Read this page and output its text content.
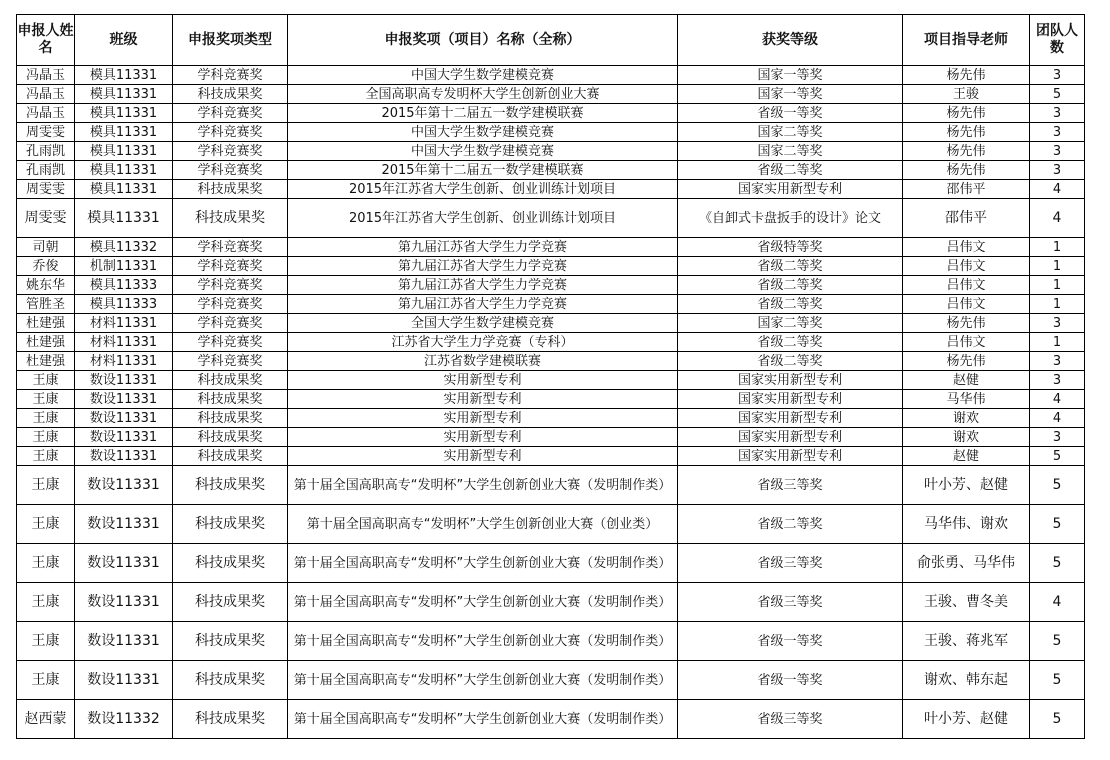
申报人姓名	班级	申报奖项类型	申报奖项（项目）名称（全称）	获奖等级	项目指导老师	团队人数
冯晶玉	模具11331	学科竞赛奖	中国大学生数学建模竞赛	国家一等奖	杨先伟	3
冯晶玉	模具11331	科技成果奖	全国高职高专发明杯大学生创新创业大赛	国家一等奖	王骏	5
冯晶玉	模具11331	学科竞赛奖	2015年第十二届五一数学建模联赛	省级一等奖	杨先伟	3
周雯雯	模具11331	学科竞赛奖	中国大学生数学建模竞赛	国家二等奖	杨先伟	3
孔雨凯	模具11331	学科竞赛奖	中国大学生数学建模竞赛	国家二等奖	杨先伟	3
孔雨凯	模具11331	学科竞赛奖	2015年第十二届五一数学建模联赛	省级二等奖	杨先伟	3
周雯雯	模具11331	科技成果奖	2015年江苏省大学生创新、创业训练计划项目	国家实用新型专利	邵伟平	4
周雯雯	模具11331	科技成果奖	2015年江苏省大学生创新、创业训练计划项目	《自卸式卡盘扳手的设计》论文	邵伟平	4
司朝	模具11332	学科竞赛奖	第九届江苏省大学生力学竞赛	省级特等奖	吕伟文	1
乔俊	机制11331	学科竞赛奖	第九届江苏省大学生力学竞赛	省级二等奖	吕伟文	1
姚东华	模具11333	学科竞赛奖	第九届江苏省大学生力学竞赛	省级二等奖	吕伟文	1
管胜圣	模具11333	学科竞赛奖	第九届江苏省大学生力学竞赛	省级二等奖	吕伟文	1
杜建强	材料11331	学科竞赛奖	全国大学生数学建模竞赛	国家二等奖	杨先伟	3
杜建强	材料11331	学科竞赛奖	江苏省大学生力学竞赛（专科）	省级二等奖	吕伟文	1
杜建强	材料11331	学科竞赛奖	江苏省数学建模联赛	省级二等奖	杨先伟	3
王康	数设11331	科技成果奖	实用新型专利	国家实用新型专利	赵健	3
王康	数设11331	科技成果奖	实用新型专利	国家实用新型专利	马华伟	4
王康	数设11331	科技成果奖	实用新型专利	国家实用新型专利	谢欢	4
王康	数设11331	科技成果奖	实用新型专利	国家实用新型专利	谢欢	3
王康	数设11331	科技成果奖	实用新型专利	国家实用新型专利	赵健	5
王康	数设11331	科技成果奖	第十届全国高职高专“发明杯”大学生创新创业大赛（发明制作类）	省级三等奖	叶小芳、赵健	5
王康	数设11331	科技成果奖	第十届全国高职高专“发明杯”大学生创新创业大赛（创业类）	省级二等奖	马华伟、谢欢	5
王康	数设11331	科技成果奖	第十届全国高职高专“发明杯”大学生创新创业大赛（发明制作类）	省级三等奖	俞张勇、马华伟	5
王康	数设11331	科技成果奖	第十届全国高职高专“发明杯”大学生创新创业大赛（发明制作类）	省级三等奖	王骏、曹冬美	4
王康	数设11331	科技成果奖	第十届全国高职高专“发明杯”大学生创新创业大赛（发明制作类）	省级一等奖	王骏、蒋兆军	5
王康	数设11331	科技成果奖	第十届全国高职高专“发明杯”大学生创新创业大赛（发明制作类）	省级一等奖	谢欢、韩东起	5
赵西蒙	数设11332	科技成果奖	第十届全国高职高专“发明杯”大学生创新创业大赛（发明制作类）	省级三等奖	叶小芳、赵健	5
